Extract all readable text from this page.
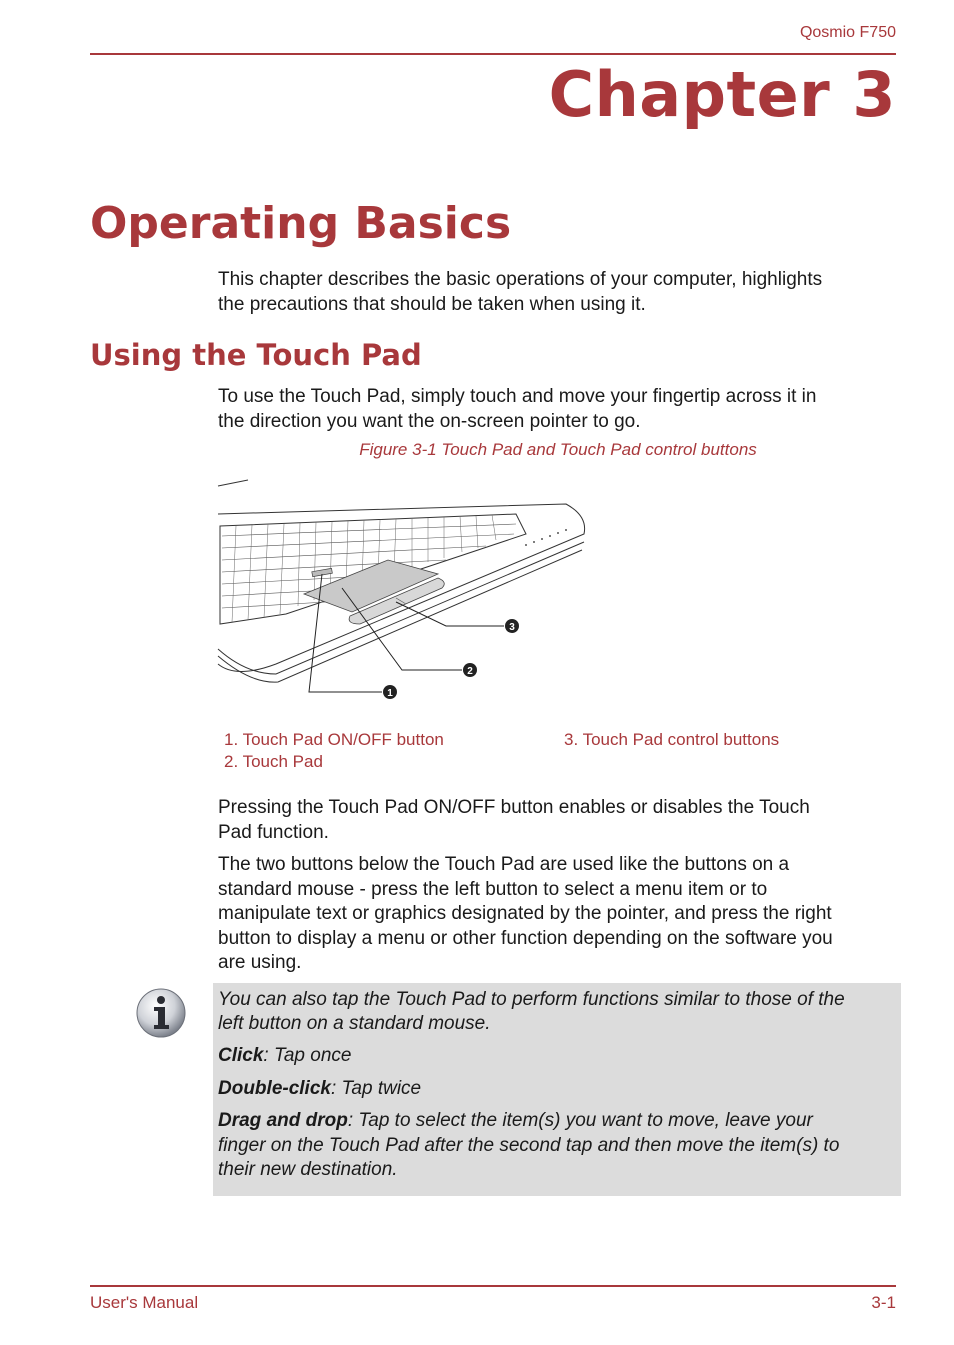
Qosmio F750
Chapter 3
Operating Basics
This chapter describes the basic operations of your computer, highlights
the precautions that should be taken when using it.
Using the Touch Pad
To use the Touch Pad, simply touch and move your fingertip across it in
the direction you want the on-screen pointer to go.
Figure 3-1 Touch Pad and Touch Pad control buttons
1
2
3
1. Touch Pad ON/OFF button
2. Touch Pad
3. Touch Pad control buttons
Pressing the Touch Pad ON/OFF button enables or disables the Touch
Pad function.
The two buttons below the Touch Pad are used like the buttons on a
standard mouse - press the left button to select a menu item or to
manipulate text or graphics designated by the pointer, and press the right
button to display a menu or other function depending on the software you
are using.
You can also tap the Touch Pad to perform functions similar to those of the
left button on a standard mouse.
Click: Tap once
Double-click: Tap twice
Drag and drop: Tap to select the item(s) you want to move, leave your
finger on the Touch Pad after the second tap and then move the item(s) to
their new destination.
User's Manual	3-1
